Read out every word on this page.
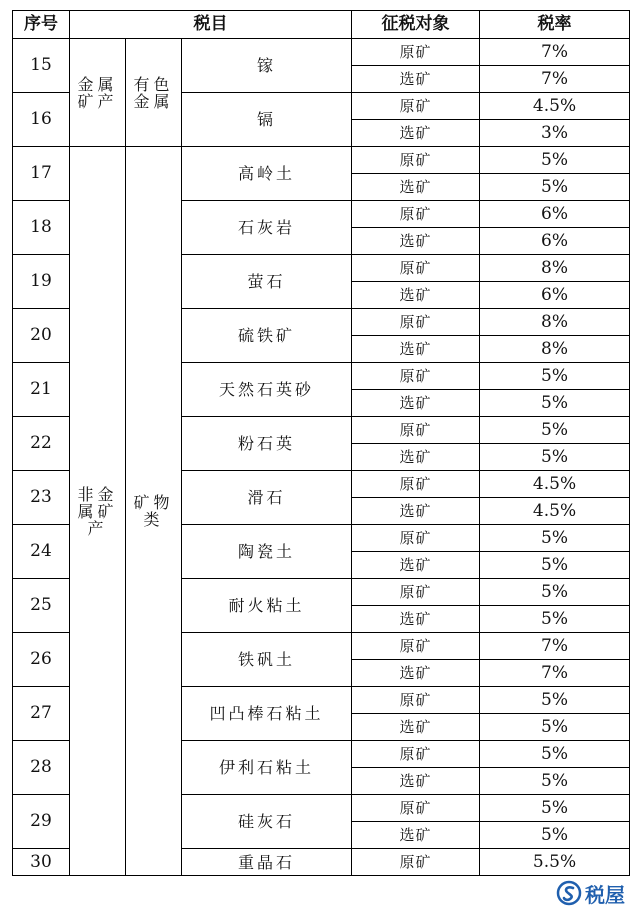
序号	税目			征税对象	税率
15	金属矿产	有色金属	镓	原矿	7%
				选矿	7%
16			镉	原矿	4.5%
				选矿	3%
17	非金属矿产	矿物类	高岭土	原矿	5%
				选矿	5%
18			石灰岩	原矿	6%
				选矿	6%
19			萤石	原矿	8%
				选矿	6%
20			硫铁矿	原矿	8%
				选矿	8%
21			天然石英砂	原矿	5%
				选矿	5%
22			粉石英	原矿	5%
				选矿	5%
23			滑石	原矿	4.5%
				选矿	4.5%
24			陶瓷土	原矿	5%
				选矿	5%
25			耐火粘土	原矿	5%
				选矿	5%
26			铁矾土	原矿	7%
				选矿	7%
27			凹凸棒石粘土	原矿	5%
				选矿	5%
28			伊利石粘土	原矿	5%
				选矿	5%
29			硅灰石	原矿	5%
				选矿	5%
30			重晶石	原矿	5.5%
税屋
